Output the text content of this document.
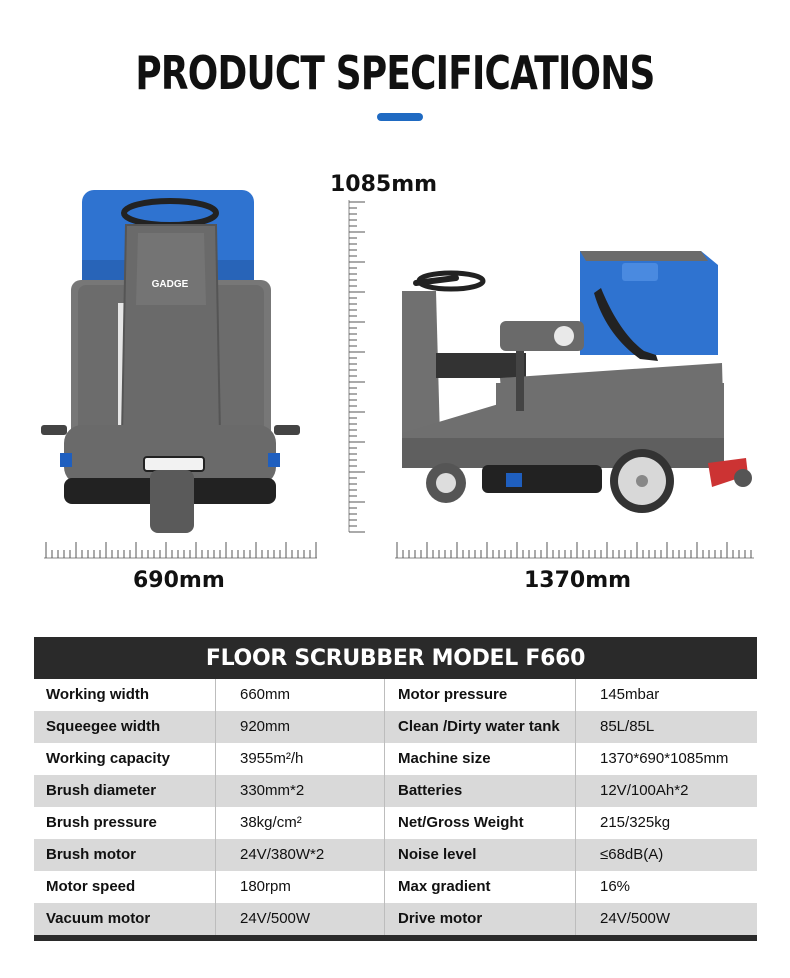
PRODUCT SPECIFICATIONS
GADGE
1085mm
690mm	1370mm
FLOOR SCRUBBER MODEL F660
Working width	660mm	Motor pressure	145mbar
Squeegee width	920mm	Clean /Dirty water tank	85L/85L
Working capacity	3955m²/h	Machine size	1370*690*1085mm
Brush diameter	330mm*2	Batteries	12V/100Ah*2
Brush pressure	38kg/cm²	Net/Gross Weight	215/325kg
Brush motor	24V/380W*2	Noise level	≤68dB(A)
Motor speed	180rpm	Max gradient	16%
Vacuum motor	24V/500W	Drive motor	24V/500W
